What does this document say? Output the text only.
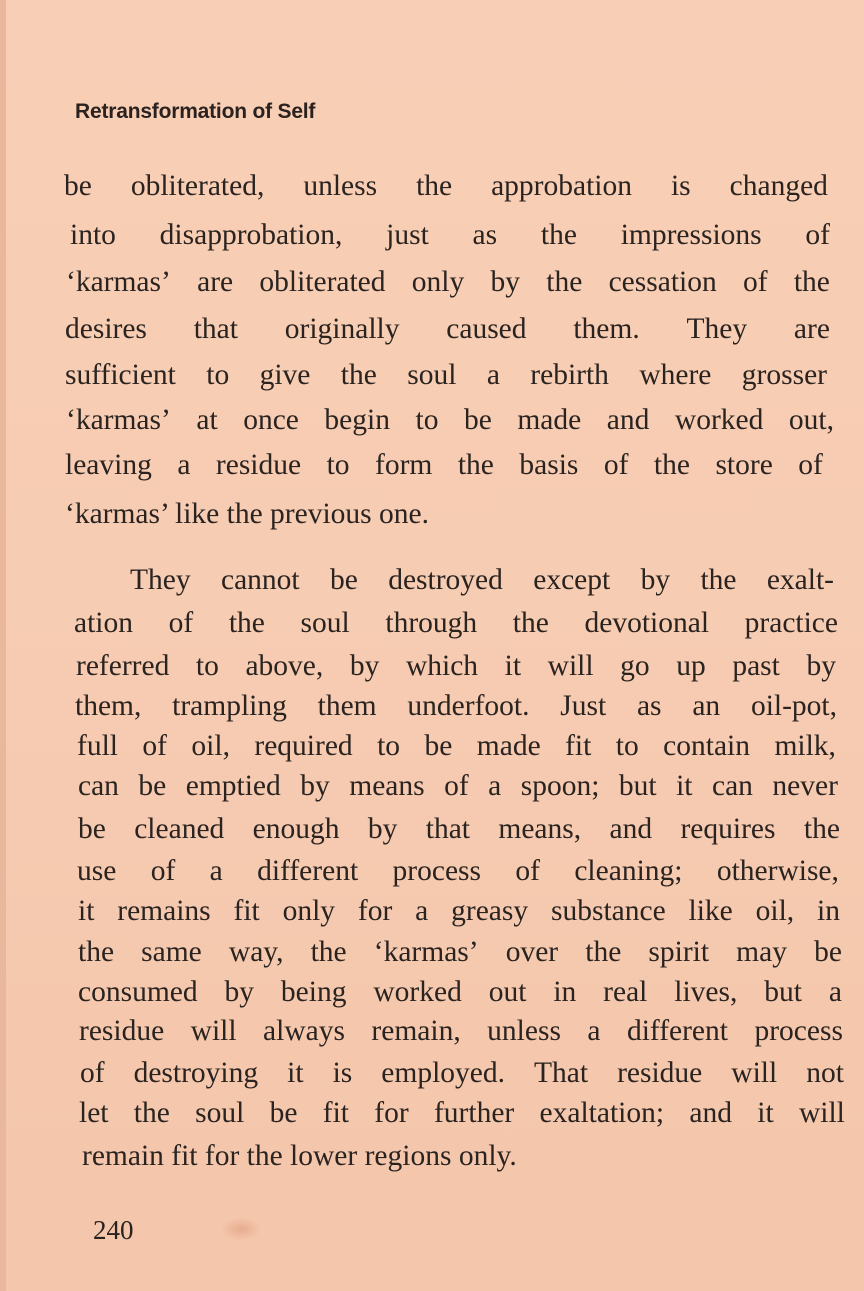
Retransformation of Self
be obliterated, unless the approbation is changed
into disapprobation, just as the impressions of
‘karmas’ are obliterated only by the cessation of the
desires that originally caused them. They are
sufficient to give the soul a rebirth where grosser
‘karmas’ at once begin to be made and worked out,
leaving a residue to form the basis of the store of
‘karmas’ like the previous one.
They cannot be destroyed except by the exalt-
ation of the soul through the devotional practice
referred to above, by which it will go up past by
them, trampling them underfoot. Just as an oil-pot,
full of oil, required to be made fit to contain milk,
can be emptied by means of a spoon; but it can never
be cleaned enough by that means, and requires the
use of a different process of cleaning; otherwise,
it remains fit only for a greasy substance like oil, in
the same way, the ‘karmas’ over the spirit may be
consumed by being worked out in real lives, but a
residue will always remain, unless a different process
of destroying it is employed. That residue will not
let the soul be fit for further exaltation; and it will
remain fit for the lower regions only.
240
